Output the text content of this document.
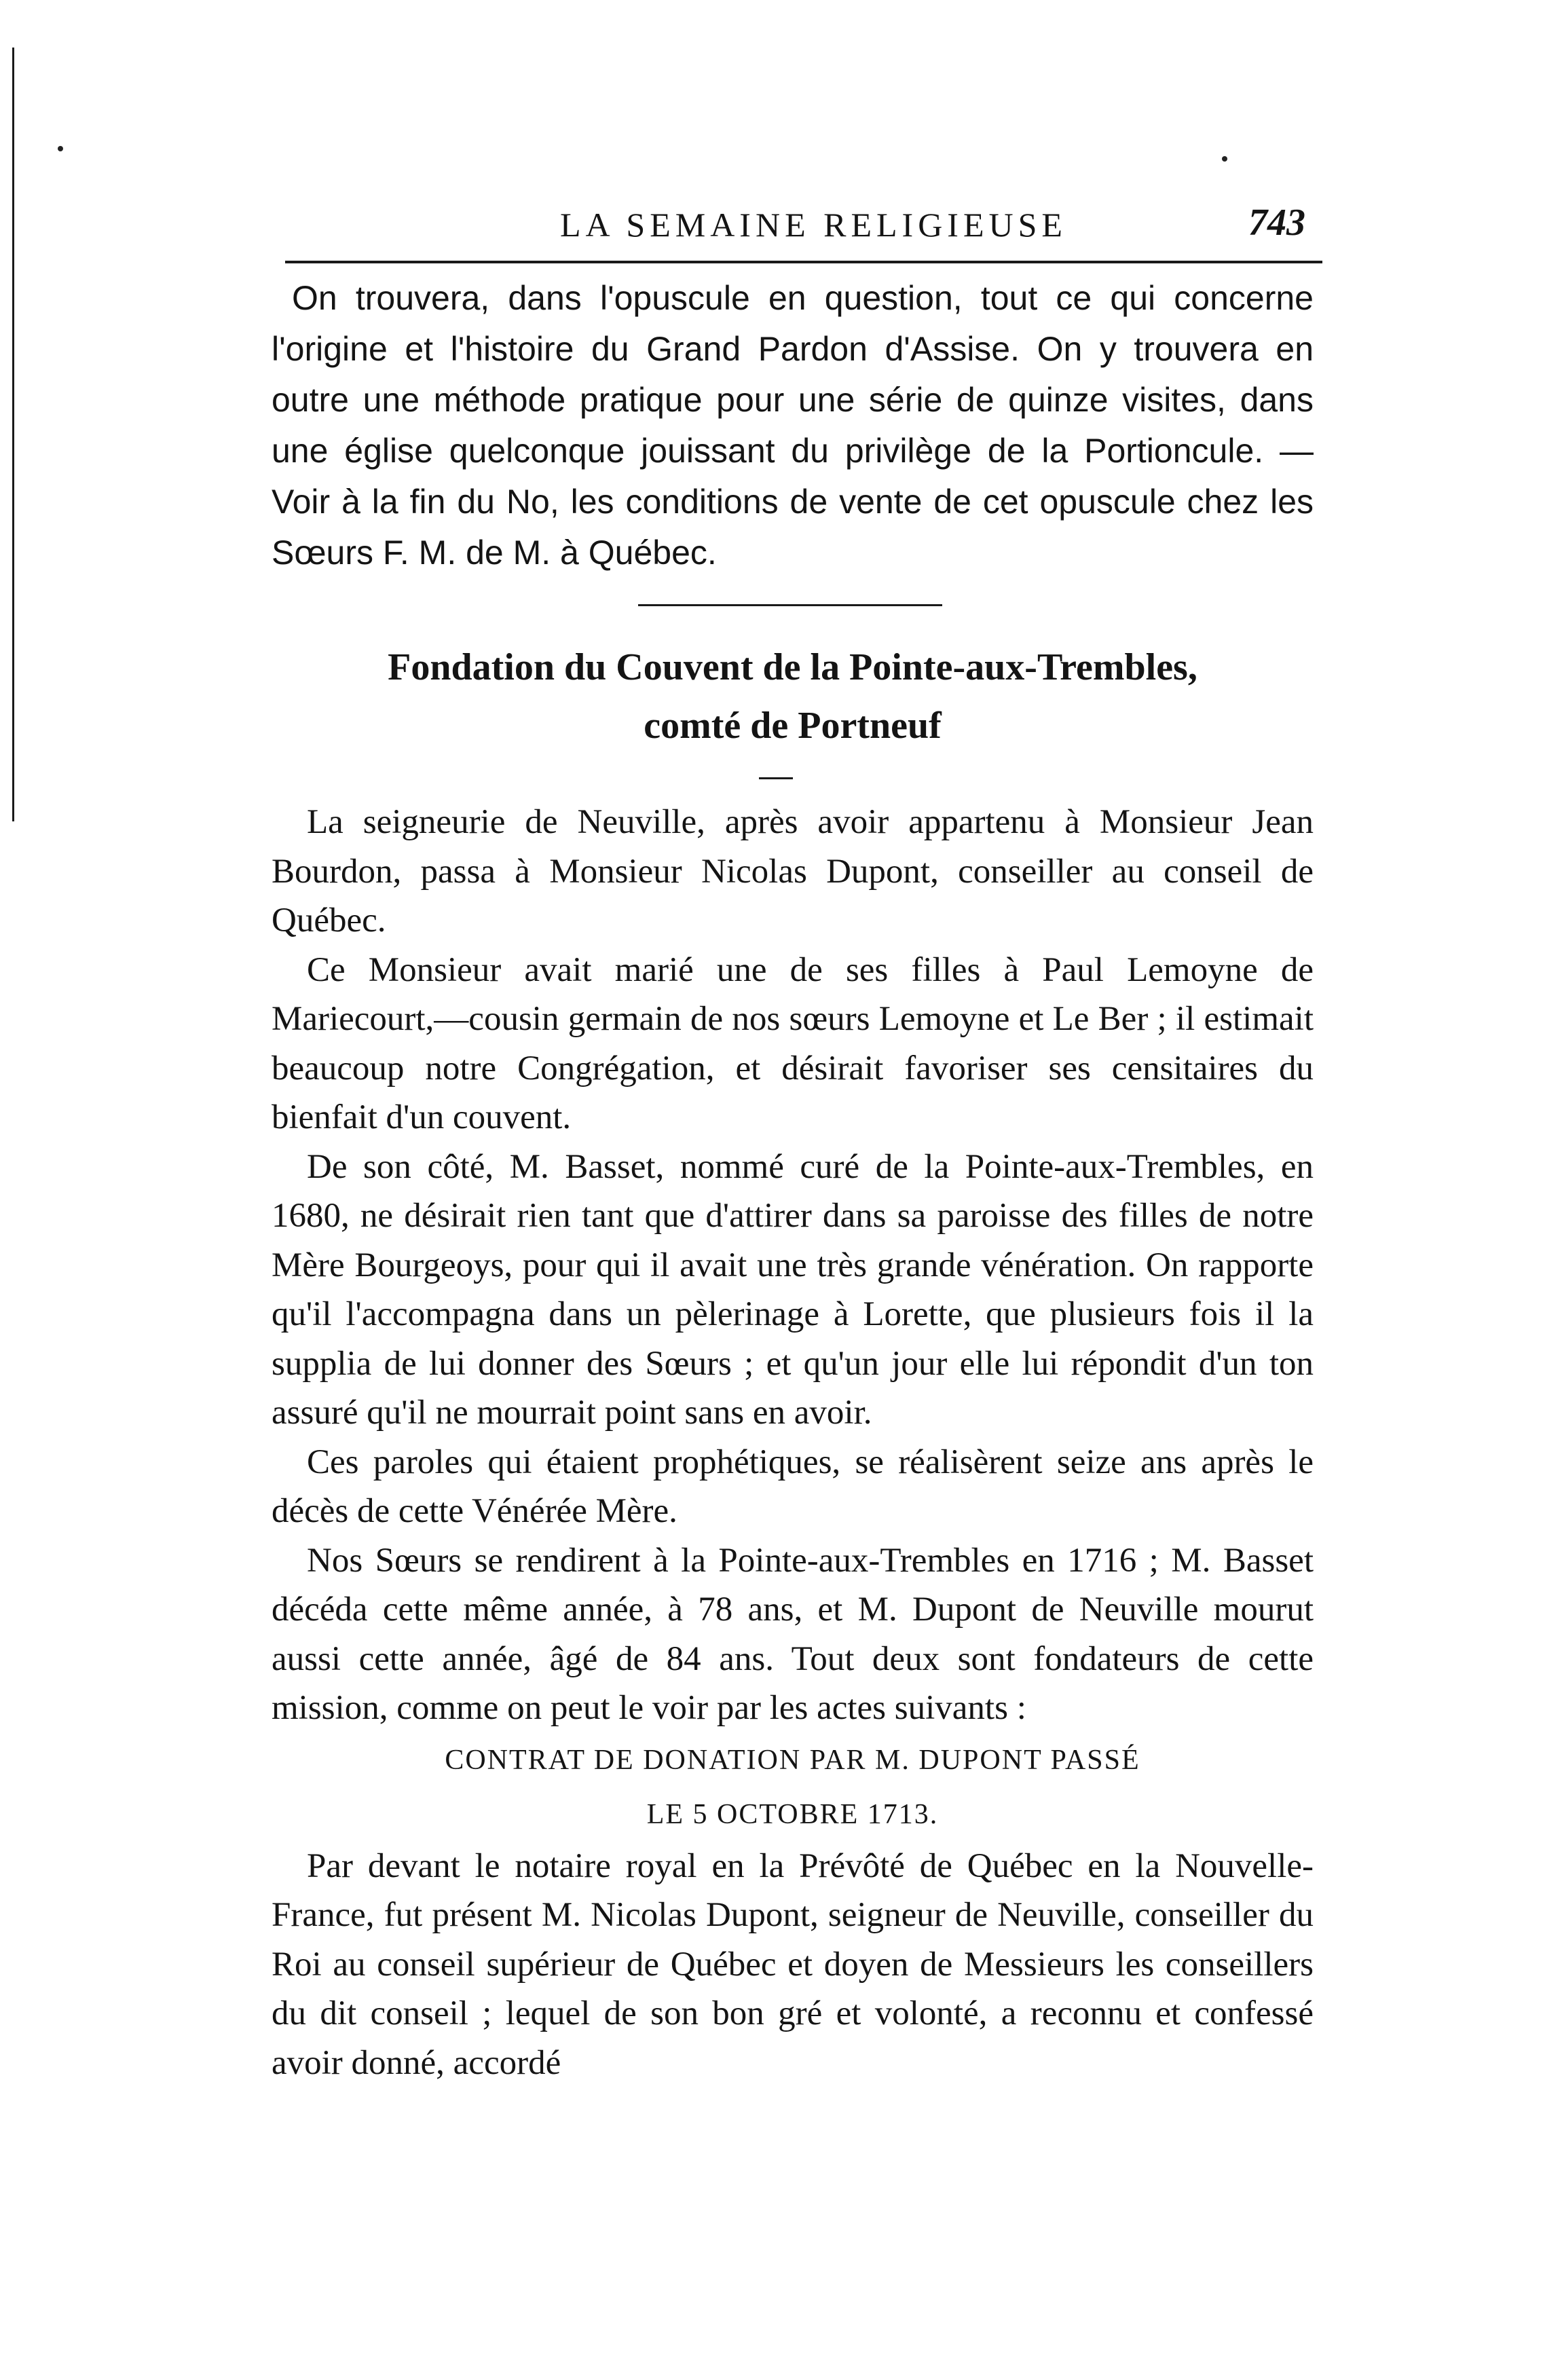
LA SEMAINE RELIGIEUSE	743

On trouvera, dans l'opuscule en question, tout ce qui concerne l'origine et l'histoire du Grand Pardon d'Assise. On y trouvera en outre une méthode pratique pour une série de quinze visites, dans une église quelconque jouissant du privilège de la Portioncule. — Voir à la fin du No, les conditions de vente de cet opuscule chez les Sœurs F. M. de M. à Québec.

Fondation du Couvent de la Pointe-aux-Trembles,
comté de Portneuf

La seigneurie de Neuville, après avoir appartenu à Monsieur Jean Bourdon, passa à Monsieur Nicolas Dupont, conseiller au conseil de Québec.

Ce Monsieur avait marié une de ses filles à Paul Lemoyne de Mariecourt,—cousin germain de nos sœurs Lemoyne et Le Ber ; il estimait beaucoup notre Congrégation, et désirait favoriser ses censitaires du bienfait d'un couvent.

De son côté, M. Basset, nommé curé de la Pointe-aux-Trembles, en 1680, ne désirait rien tant que d'attirer dans sa paroisse des filles de notre Mère Bourgeoys, pour qui il avait une très grande vénération. On rapporte qu'il l'accompagna dans un pèlerinage à Lorette, que plusieurs fois il la supplia de lui donner des Sœurs ; et qu'un jour elle lui répondit d'un ton assuré qu'il ne mourrait point sans en avoir.

Ces paroles qui étaient prophétiques, se réalisèrent seize ans après le décès de cette Vénérée Mère.

Nos Sœurs se rendirent à la Pointe-aux-Trembles en 1716 ; M. Basset décéda cette même année, à 78 ans, et M. Dupont de Neuville mourut aussi cette année, âgé de 84 ans. Tout deux sont fondateurs de cette mission, comme on peut le voir par les actes suivants :

CONTRAT DE DONATION PAR M. DUPONT PASSÉ

LE 5 OCTOBRE 1713.

Par devant le notaire royal en la Prévôté de Québec en la Nouvelle-France, fut présent M. Nicolas Dupont, seigneur de Neuville, conseiller du Roi au conseil supérieur de Québec et doyen de Messieurs les conseillers du dit conseil ; lequel de son bon gré et volonté, a reconnu et confessé avoir donné, accordé
